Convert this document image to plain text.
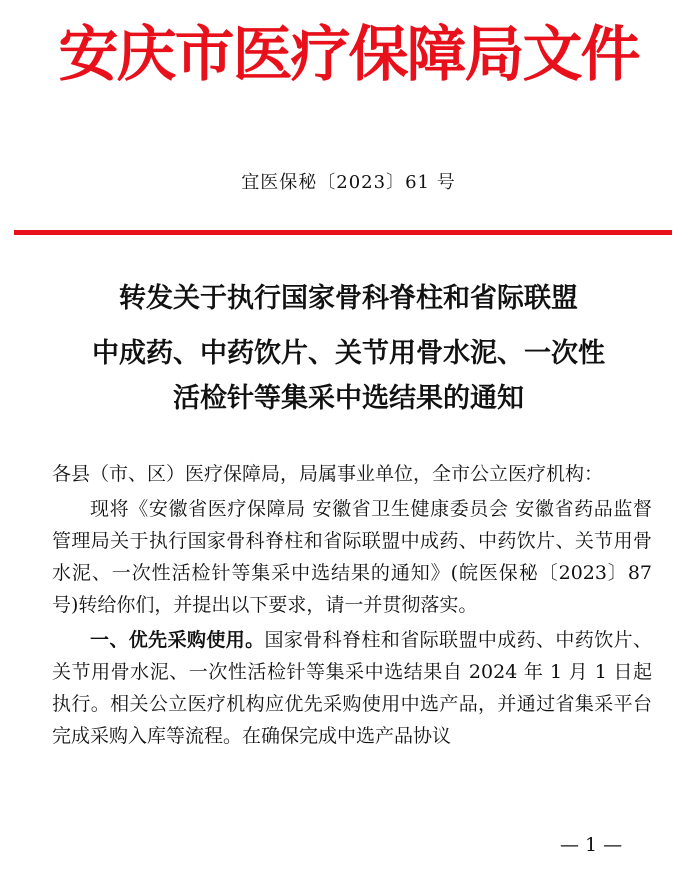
安庆市医疗保障局文件
宜医保秘〔2023〕61 号
转发关于执行国家骨科脊柱和省际联盟
中成药、中药饮片、关节用骨水泥、一次性
活检针等集采中选结果的通知

各县（市、区）医疗保障局，局属事业单位，全市公立医疗机构：

现将《安徽省医疗保障局 安徽省卫生健康委员会 安徽省药品监督管理局关于执行国家骨科脊柱和省际联盟中成药、中药饮片、关节用骨水泥、一次性活检针等集采中选结果的通知》(皖医保秘〔2023〕87 号)转给你们，并提出以下要求，请一并贯彻落实。

一、优先采购使用。国家骨科脊柱和省际联盟中成药、中药饮片、关节用骨水泥、一次性活检针等集采中选结果自 2024 年 1 月 1 日起执行。相关公立医疗机构应优先采购使用中选产品，并通过省集采平台完成采购入库等流程。在确保完成中选产品协议

— 1 —
